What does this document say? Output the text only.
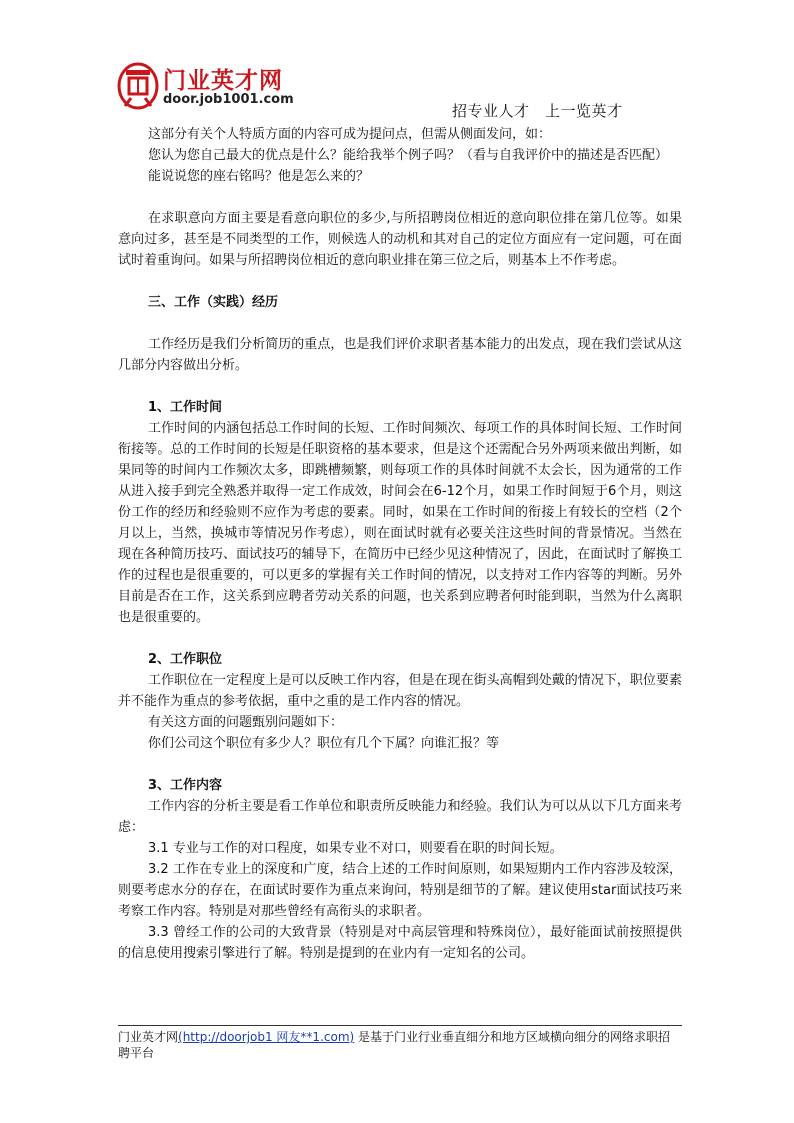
门业英才网
door.job1001.com
招专业人才　上一览英才

这部分有关个人特质方面的内容可成为提问点，但需从侧面发问，如：

您认为您自己最大的优点是什么？能给我举个例子吗？（看与自我评价中的描述是否匹配）

能说说您的座右铭吗？他是怎么来的？

在求职意向方面主要是看意向职位的多少,与所招聘岗位相近的意向职位排在第几位等。如果意向过多，甚至是不同类型的工作，则候选人的动机和其对自己的定位方面应有一定问题，可在面试时着重询问。如果与所招聘岗位相近的意向职业排在第三位之后，则基本上不作考虑。

三、工作（实践）经历

工作经历是我们分析简历的重点，也是我们评价求职者基本能力的出发点，现在我们尝试从这几部分内容做出分析。

1、工作时间

工作时间的内涵包括总工作时间的长短、工作时间频次、每项工作的具体时间长短、工作时间衔接等。总的工作时间的长短是任职资格的基本要求，但是这个还需配合另外两项来做出判断，如果同等的时间内工作频次太多，即跳槽频繁，则每项工作的具体时间就不太会长，因为通常的工作从进入接手到完全熟悉并取得一定工作成效，时间会在6-12个月，如果工作时间短于6个月，则这份工作的经历和经验则不应作为考虑的要素。同时，如果在工作时间的衔接上有较长的空档（2个月以上，当然，换城市等情况另作考虑），则在面试时就有必要关注这些时间的背景情况。当然在现在各种简历技巧、面试技巧的辅导下，在简历中已经少见这种情况了，因此，在面试时了解换工作的过程也是很重要的，可以更多的掌握有关工作时间的情况，以支持对工作内容等的判断。另外目前是否在工作，这关系到应聘者劳动关系的问题，也关系到应聘者何时能到职，当然为什么离职也是很重要的。

2、工作职位

工作职位在一定程度上是可以反映工作内容，但是在现在街头高帽到处戴的情况下，职位要素并不能作为重点的参考依据，重中之重的是工作内容的情况。

有关这方面的问题甄别问题如下：

你们公司这个职位有多少人？职位有几个下属？向谁汇报？等

3、工作内容

工作内容的分析主要是看工作单位和职责所反映能力和经验。我们认为可以从以下几方面来考虑：

3.1 专业与工作的对口程度，如果专业不对口，则要看在职的时间长短。

3.2 工作在专业上的深度和广度，结合上述的工作时间原则，如果短期内工作内容涉及较深，则要考虑水分的存在，在面试时要作为重点来询问，特别是细节的了解。建议使用star面试技巧来考察工作内容。特别是对那些曾经有高衔头的求职者。

3.3 曾经工作的公司的大致背景（特别是对中高层管理和特殊岗位），最好能面试前按照提供的信息使用搜索引擎进行了解。特别是提到的在业内有一定知名的公司。

门业英才网(http://doorjob1 网友**1.com) 是基于门业行业垂直细分和地方区域横向细分的网络求职招聘平台
